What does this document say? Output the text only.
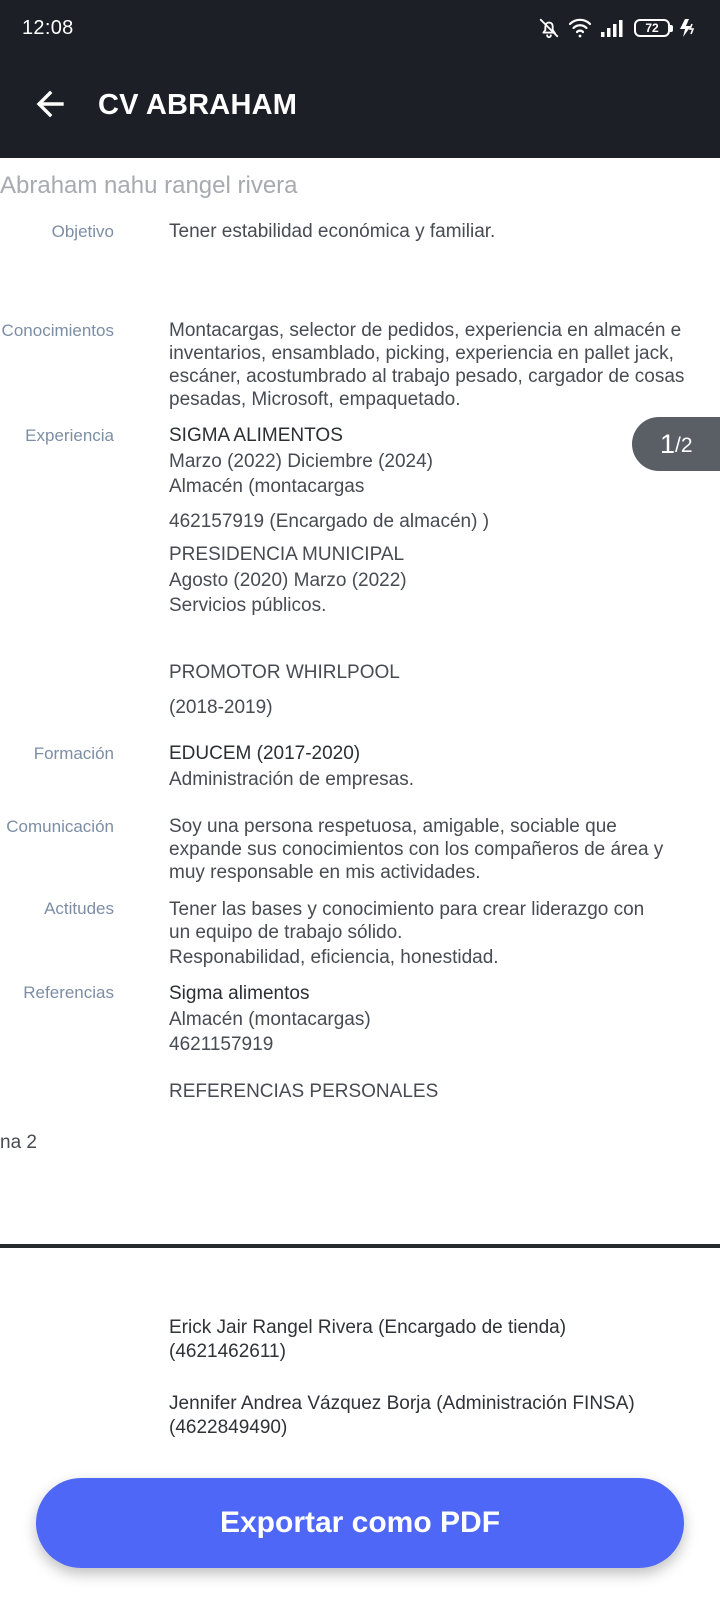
12:08	72
CV ABRAHAM
Abraham nahu rangel rivera
Objetivo	Tener estabilidad económica y familiar.
Conocimientos	Montacargas, selector de pedidos, experiencia en almacén e
inventarios, ensamblado, picking, experiencia en pallet jack,
escáner, acostumbrado al trabajo pesado, cargador de cosas
pesadas, Microsoft, empaquetado.
Experiencia	SIGMA ALIMENTOS
Marzo (2022) Diciembre (2024)
Almacén (montacargas
462157919 (Encargado de almacén) )
PRESIDENCIA MUNICIPAL
Agosto (2020) Marzo (2022)
Servicios públicos.
PROMOTOR WHIRLPOOL
(2018-2019)
Formación	EDUCEM (2017-2020)
Administración de empresas.
Comunicación	Soy una persona respetuosa, amigable, sociable que
expande sus conocimientos con los compañeros de área y
muy responsable en mis actividades.
Actitudes	Tener las bases y conocimiento para crear liderazgo con
un equipo de trabajo sólido.
Responabilidad, eficiencia, honestidad.
Referencias	Sigma alimentos
Almacén (montacargas)
4621157919
REFERENCIAS PERSONALES
na 2
1 /2
Erick Jair Rangel Rivera (Encargado de tienda)
(4621462611)
Jennifer Andrea Vázquez Borja (Administración FINSA)
(4622849490)
Exportar como PDF
